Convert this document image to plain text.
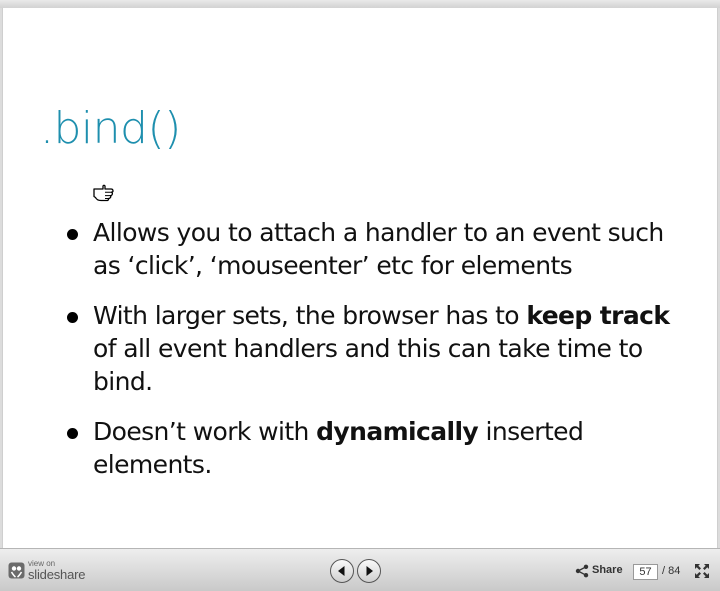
.bind()
Allows you to attach a handler to an event such as ‘click’, ‘mouseenter’ etc for elements
With larger sets, the browser has to keep track of all event handlers and this can take time to bind.
Doesn’t work with dynamically inserted elements.
view on
slideshare	Share
57	/ 84
